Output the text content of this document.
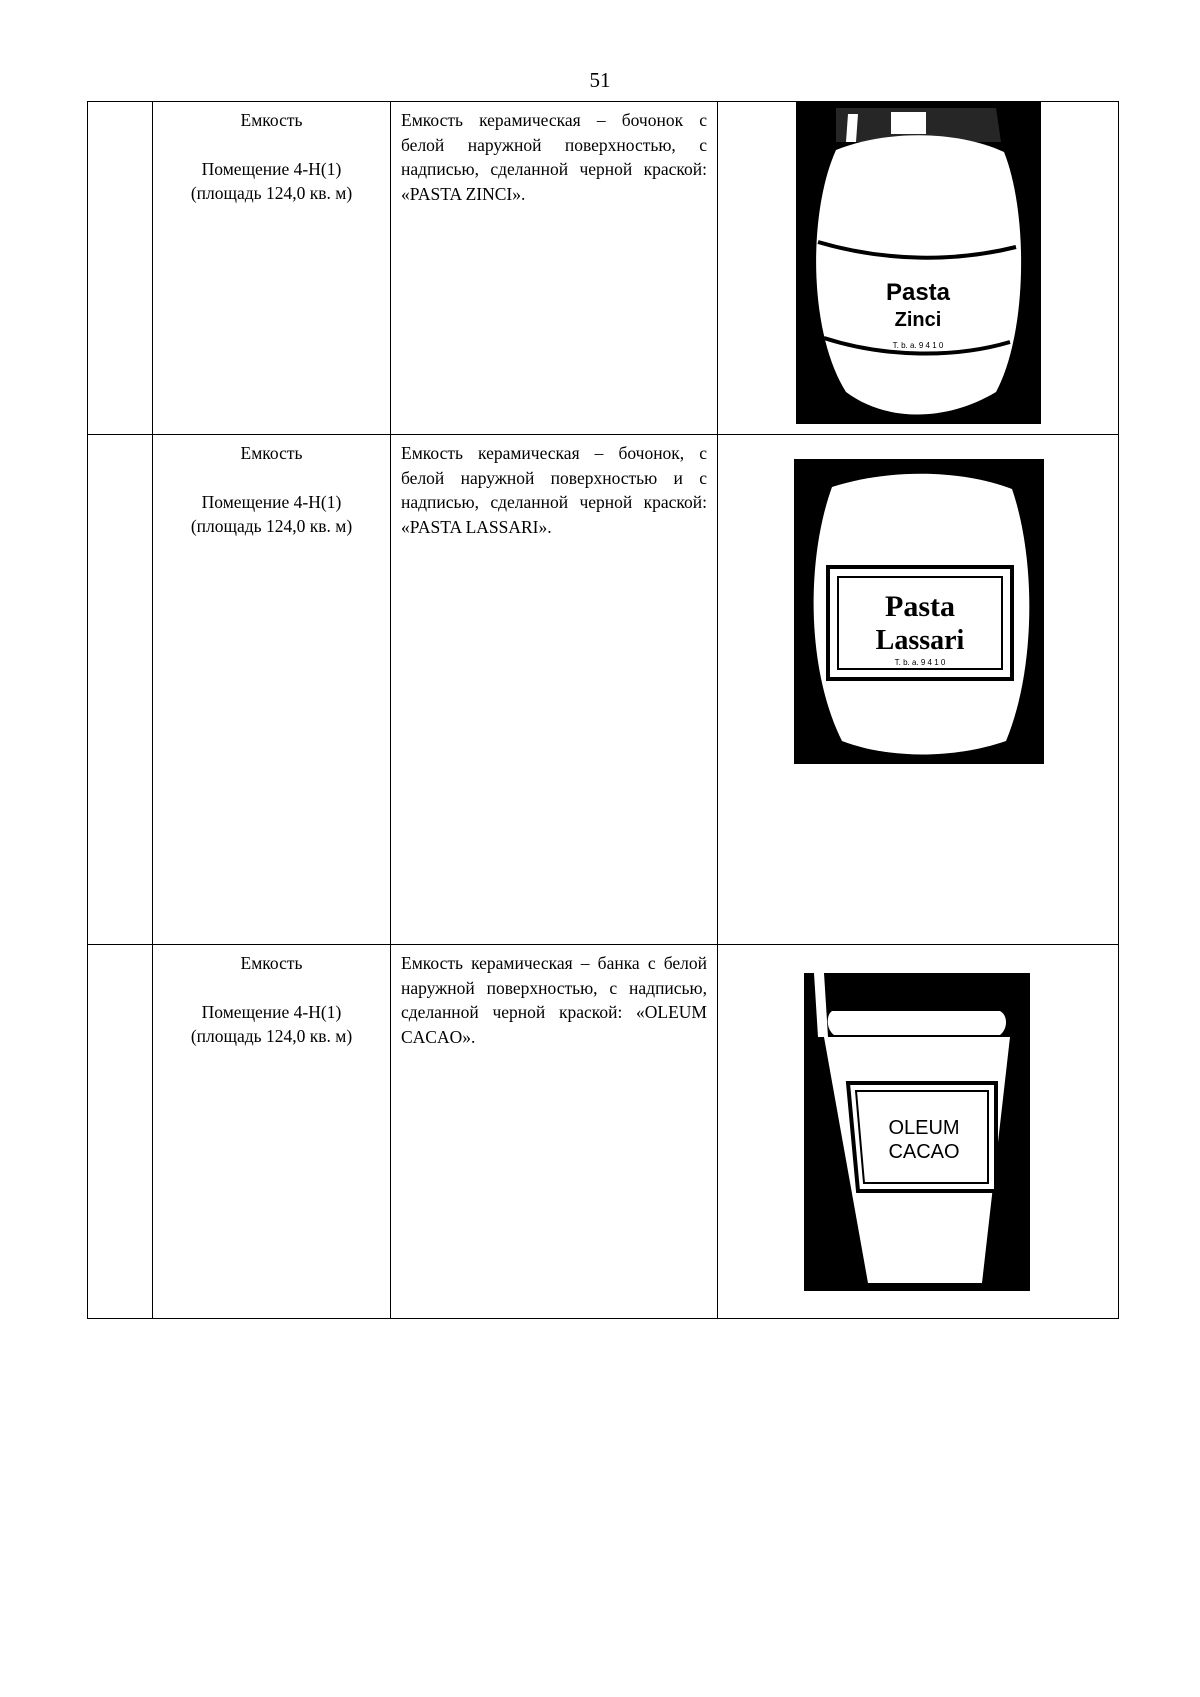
51

	Емкость
Помещение 4-Н(1)
(площадь 124,0 кв. м)	Емкость керамическая – бочонок с белой наружной поверхностью, с надписью, сделанной черной краской: «PASTA ZINCI».	Pasta
Zinci
T. b. a. 9 4 1 0

	Емкость
Помещение 4-Н(1)
(площадь 124,0 кв. м)	Емкость керамическая – бочонок, с белой наружной поверхностью и с надписью, сделанной черной краской: «PASTA LASSARI».	Pasta
Lassari
T. b. a. 9 4 1 0

	Емкость
Помещение 4-Н(1)
(площадь 124,0 кв. м)	Емкость керамическая – банка с белой наружной поверхностью, с надписью, сделанной черной краской: «OLEUM CACAO».	OLEUM
CACAO
